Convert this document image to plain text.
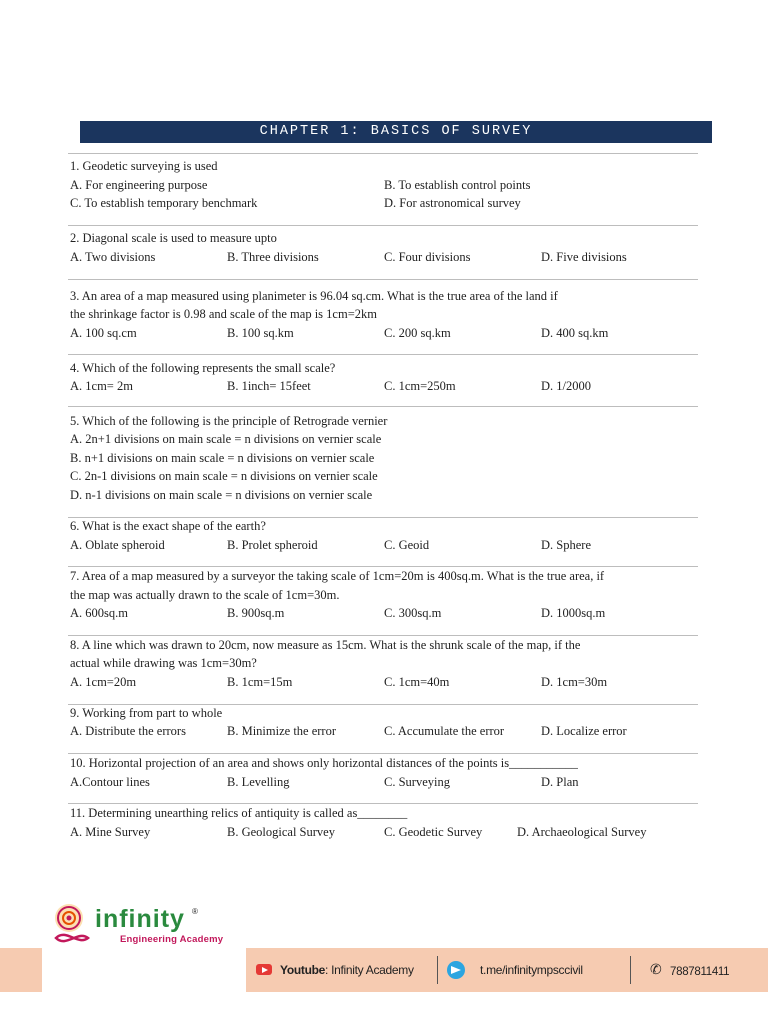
CHAPTER 1: BASICS OF SURVEY
1. Geodetic surveying is used
A. For engineering purpose	B. To establish control points
C. To establish temporary benchmark	D. For astronomical survey
2. Diagonal scale is used to measure upto
A. Two divisions	B. Three divisions	C. Four divisions	D. Five divisions
3. An area of a map measured using planimeter is 96.04 sq.cm. What is the true area of the land if
the shrinkage factor is 0.98 and scale of the map is 1cm=2km
A. 100 sq.cm	B. 100 sq.km	C. 200 sq.km	D. 400 sq.km
4. Which of the following represents the small scale?
A. 1cm= 2m	B. 1inch= 15feet	C. 1cm=250m	D. 1/2000
5. Which of the following is the principle of Retrograde vernier
A. 2n+1 divisions on main scale = n divisions on vernier scale
B. n+1 divisions on main scale = n divisions on vernier scale
C. 2n-1 divisions on main scale = n divisions on vernier scale
D. n-1 divisions on main scale = n divisions on vernier scale
6. What is the exact shape of the earth?
A. Oblate spheroid	B. Prolet spheroid	C. Geoid	D. Sphere
7. Area of a map measured by a surveyor the taking scale of 1cm=20m is 400sq.m. What is the true area, if
the map was actually drawn to the scale of 1cm=30m.
A. 600sq.m	B. 900sq.m	C. 300sq.m	D. 1000sq.m
8. A line which was drawn to 20cm, now measure as 15cm. What is the shrunk scale of the map, if the
actual while drawing was 1cm=30m?
A. 1cm=20m	B. 1cm=15m	C. 1cm=40m	D. 1cm=30m
9. Working from part to whole
A. Distribute the errors	B. Minimize the error	C. Accumulate the error	D. Localize error
10. Horizontal projection of an area and shows only horizontal distances of the points is___________
A.Contour lines	B. Levelling	C. Surveying	D. Plan
11. Determining unearthing relics of antiquity is called as________
A. Mine Survey	B. Geological Survey	C. Geodetic Survey	D. Archaeological Survey
infinity ®
Engineering Academy
Youtube: Infinity Academy	t.me/infinitympsccivil	✆ 7887811411
